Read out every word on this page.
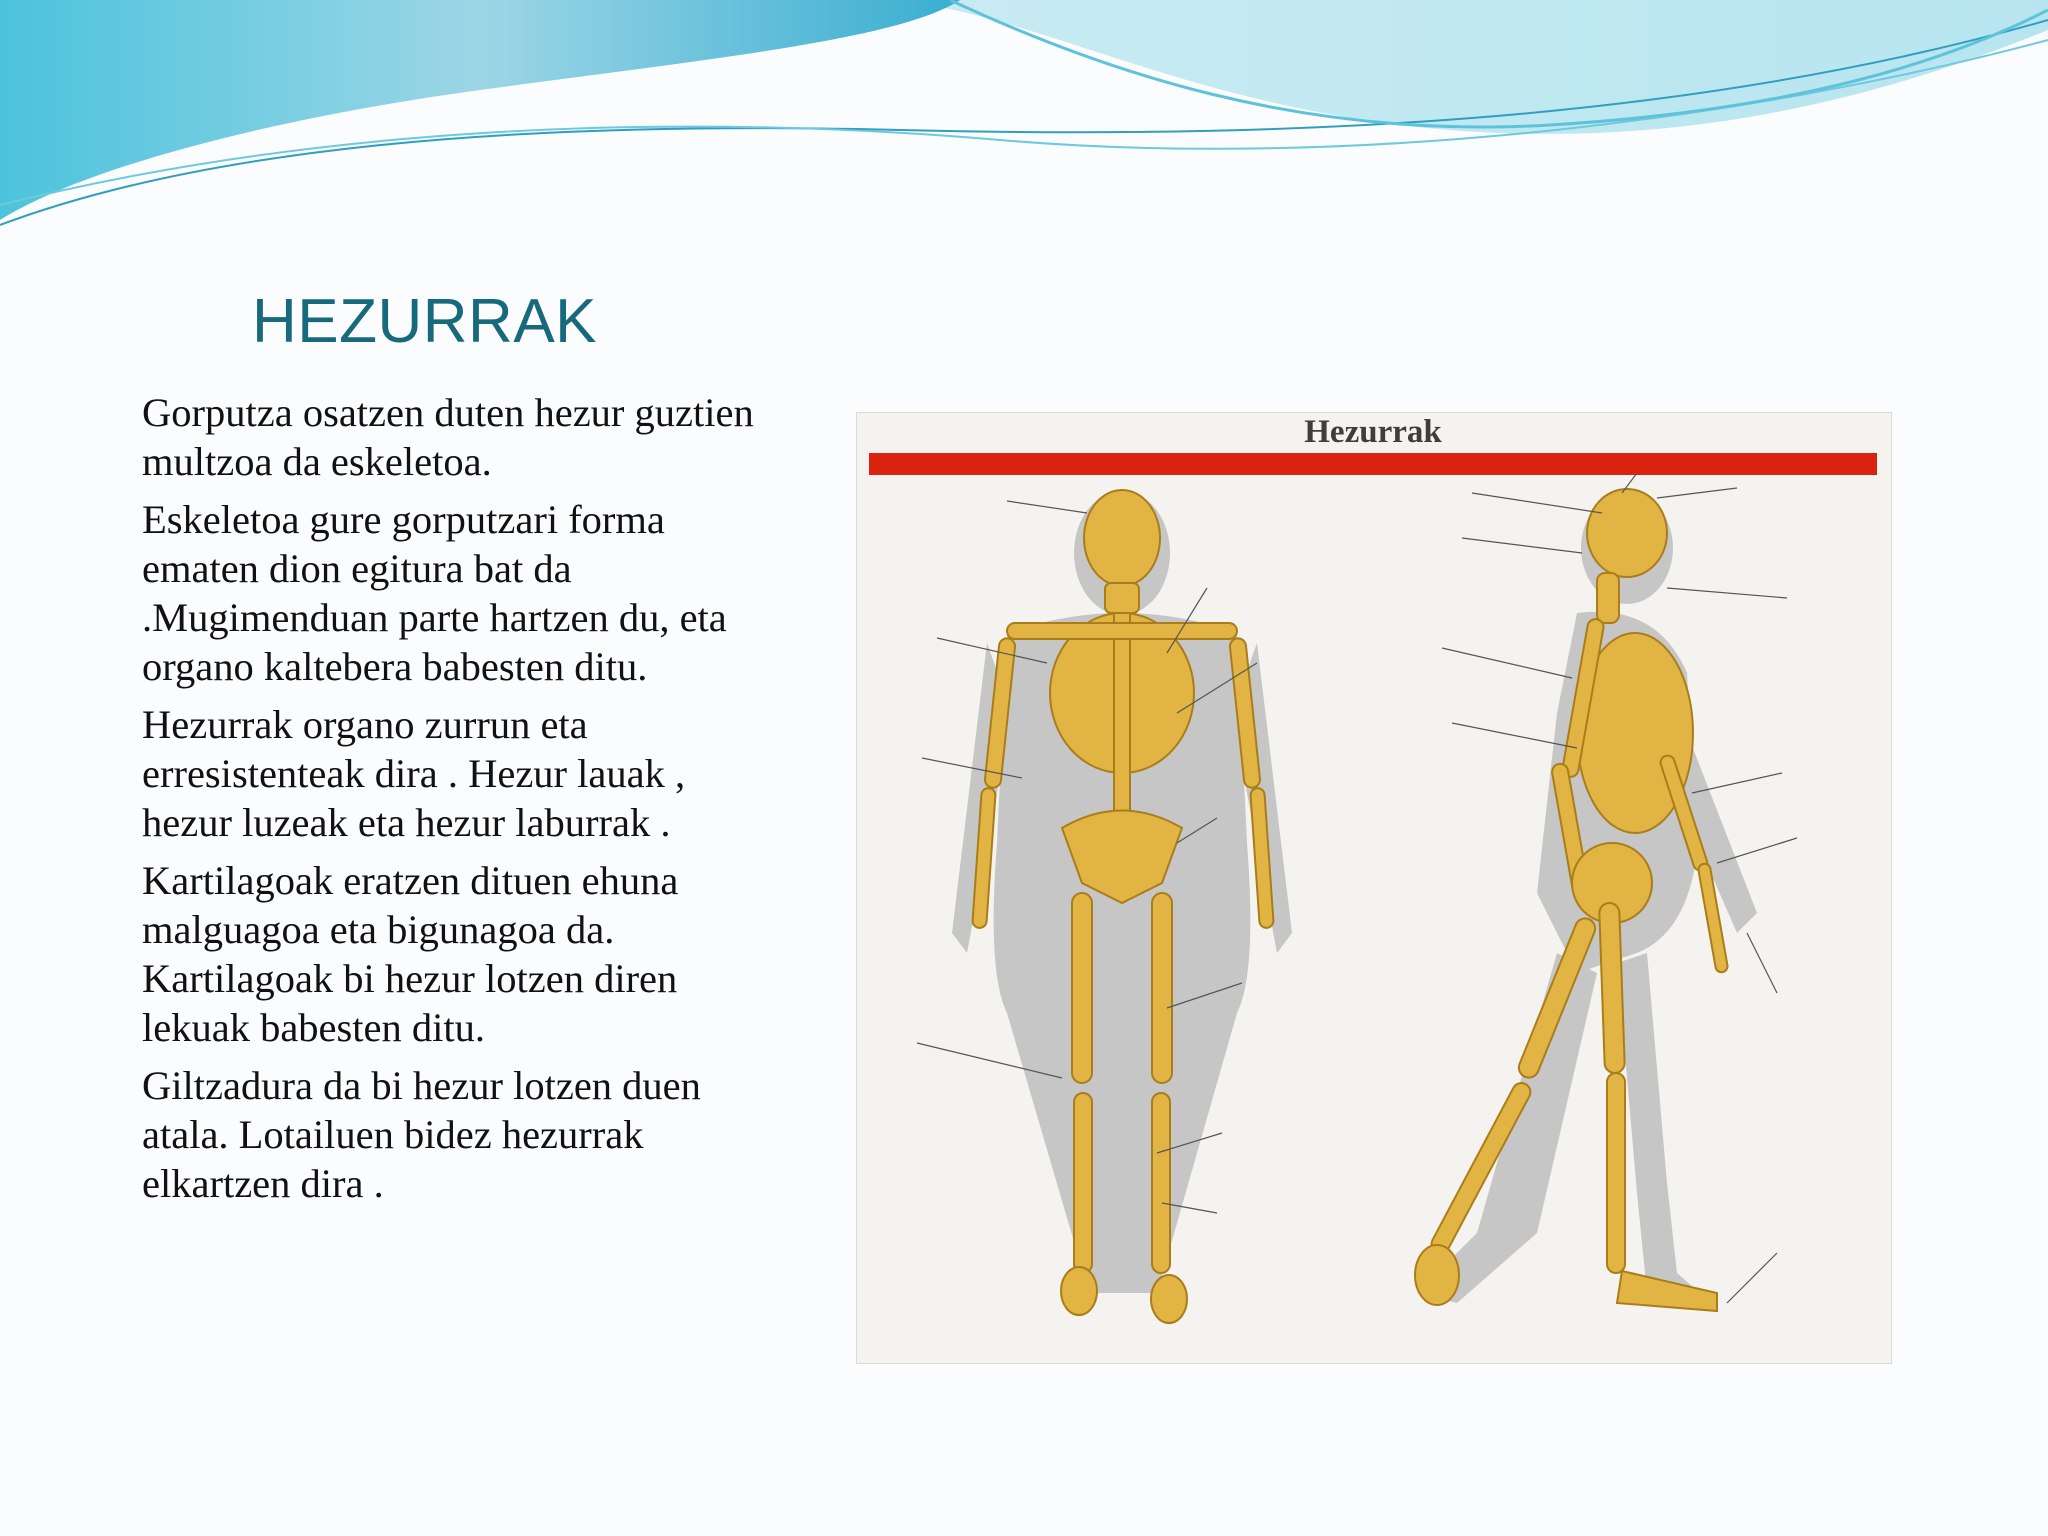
HEZURRAK

Gorputza osatzen duten hezur guztien multzoa da eskeletoa.

Eskeletoa gure gorputzari forma ematen dion egitura bat da .Mugimenduan parte hartzen du, eta organo kaltebera babesten ditu.

Hezurrak organo zurrun eta erresistenteak dira . Hezur lauak , hezur luzeak eta hezur laburrak .

Kartilagoak eratzen dituen ehuna malguagoa eta bigunagoa da. Kartilagoak bi hezur lotzen diren lekuak babesten ditu.

Giltzadura da bi hezur lotzen duen atala. Lotailuen bidez hezurrak elkartzen dira .

Hezurrak
